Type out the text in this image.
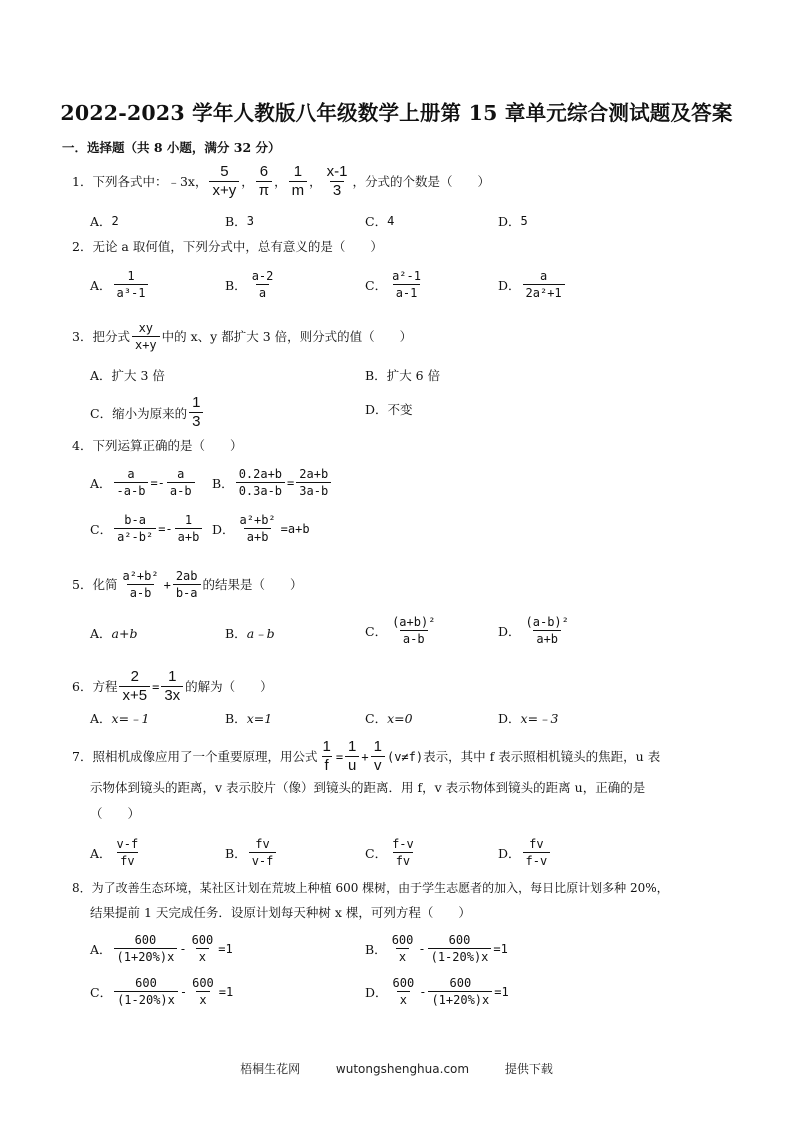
2022-2023 学年人教版八年级数学上册第 15 章单元综合测试题及答案
一．选择题（共 8 小题，满分 32 分）
1． 下列各式中： ﹣3x， $\frac{5}{x+y}$ ， $\frac{6}{\pi}$ ， $\frac{1}{m}$ ， $\frac{x-1}{3}$ ，分式的个数是（　　）
A． 2	B． 3	C． 4	D． 5
2． 无论 a 取何值，下列分式中，总有意义的是（　　）
A． $\frac{1}{\text{a³-1}}$	B． $\frac{a-2}{a}$	C． $\frac{\text{a²-1}}{a-1}$	D． $\frac{a}{\text{2a²+1}}$
3． 把分式 $\frac{xy}{x+y}$ 中的 x、y 都扩大 3 倍，则分式的值（　　）
A． 扩大 3 倍	B． 扩大 6 倍
C． 缩小为原来的 $\frac{1}{3}$	D． 不变
4． 下列运算正确的是（　　）
A． $\frac{a}{-a-b} =- \frac{a}{a-b}$ B． $\frac{0.2a+b}{0.3a-b} = \frac{2a+b}{3a-b}$
C． $\frac{b-a}{\text{a²-b²}} =- \frac{1}{a+b}$ D． $\frac{\text{a²+b²}}{a+b} =a+b$
5． 化简 $\frac{\text{a²+b²}}{a-b} + \frac{2ab}{b-a}$ 的结果是（　　）
A． a+b	B． a﹣b	C． $\frac{\text{(a+b)²}}{a-b}$	D． $\frac{\text{(a-b)²}}{a+b}$
6． 方程 $\frac{2}{x+5} = \frac{1}{3x}$ 的解为（　　）
A． x=﹣1	B． x=1	C． x=0	D． x=﹣3
7． 照相机成像应用了一个重要原理，用公式 $\frac{1}{f} = \frac{1}{u} + \frac{1}{v} (v\ne f)$ 表示，其中 f 表示照相机镜头的焦距，u 表
示物体到镜头的距离，v 表示胶片（像）到镜头的距离．用 f，v 表示物体到镜头的距离 u，正确的是
（　　）
A． $\frac{v-f}{fv}$	B． $\frac{fv}{v-f}$	C． $\frac{f-v}{fv}$	D． $\frac{fv}{f-v}$
8． 为了改善生态环境，某社区计划在荒坡上种植 600 棵树，由于学生志愿者的加入，每日比原计划多种 20%，
结果提前 1 天完成任务．设原计划每天种树 x 棵，可列方程（　　）
A． $\frac{600}{(1+20\%)x} - \frac{600}{x} =1$	B． $\frac{600}{x} - \frac{600}{(1-20\%)x} =1$
C． $\frac{600}{(1-20\%)x} - \frac{600}{x} =1$	D． $\frac{600}{x} - \frac{600}{(1+20\%)x} =1$
梧桐生花网	wutongshenghua.com	提供下载
